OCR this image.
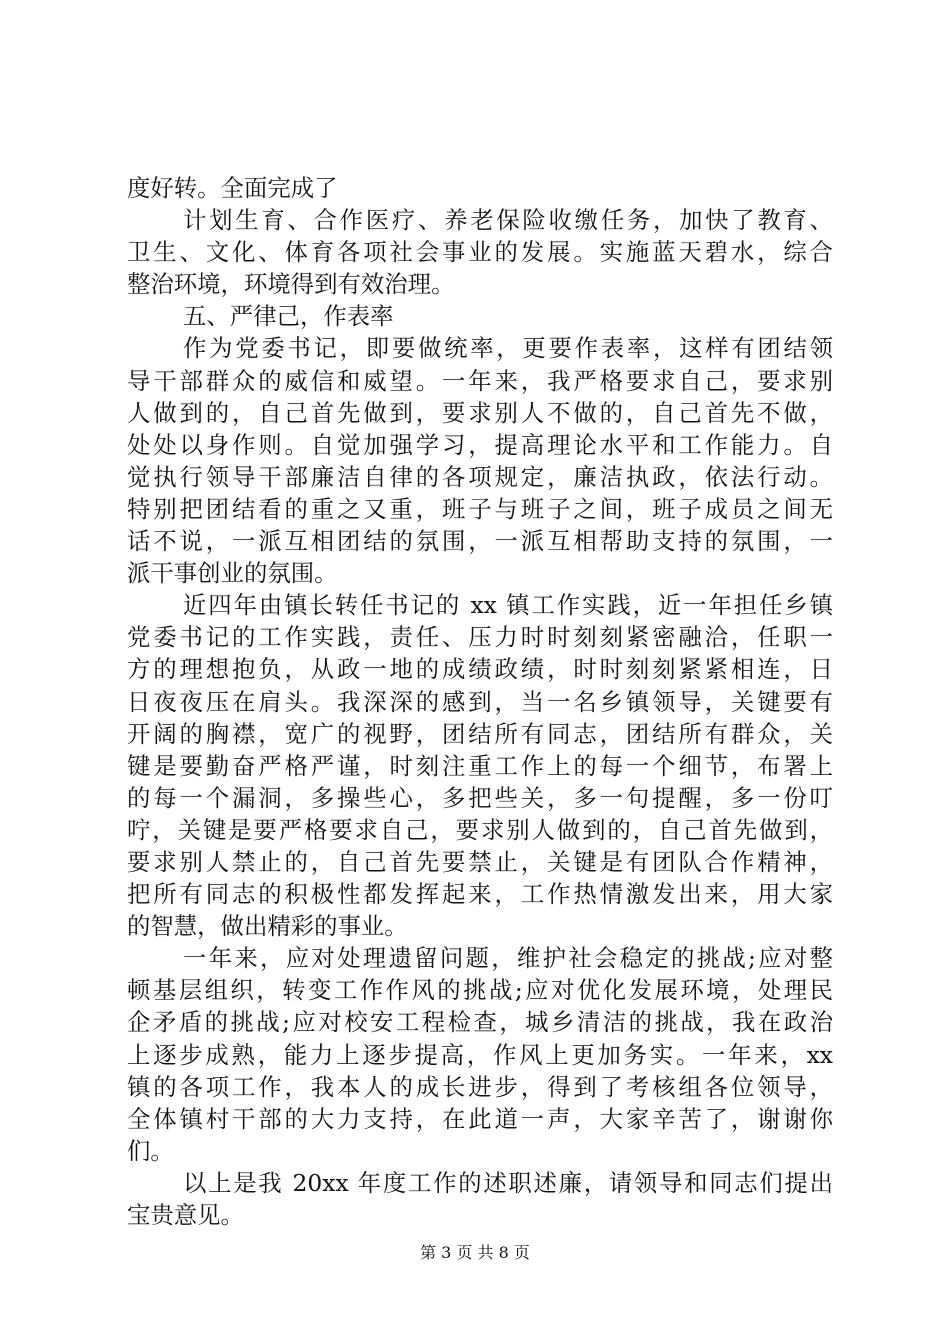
度好转。全面完成了
计划生育、合作医疗、养老保险收缴任务，加快了教育、
卫生、文化、体育各项社会事业的发展。实施蓝天碧水，综合
整治环境，环境得到有效治理。
五、严律己，作表率
作为党委书记，即要做统率，更要作表率，这样有团结领
导干部群众的威信和威望。一年来，我严格要求自己，要求别
人做到的，自己首先做到，要求别人不做的，自己首先不做，
处处以身作则。自觉加强学习，提高理论水平和工作能力。自
觉执行领导干部廉洁自律的各项规定，廉洁执政，依法行动。
特别把团结看的重之又重，班子与班子之间，班子成员之间无
话不说，一派互相团结的氛围，一派互相帮助支持的氛围，一
派干事创业的氛围。
近四年由镇长转任书记的 xx 镇工作实践，近一年担任乡镇
党委书记的工作实践，责任、压力时时刻刻紧密融洽，任职一
方的理想抱负，从政一地的成绩政绩，时时刻刻紧紧相连，日
日夜夜压在肩头。我深深的感到，当一名乡镇领导，关键要有
开阔的胸襟，宽广的视野，团结所有同志，团结所有群众，关
键是要勤奋严格严谨，时刻注重工作上的每一个细节，布署上
的每一个漏洞，多操些心，多把些关，多一句提醒，多一份叮
咛，关键是要严格要求自己，要求别人做到的，自己首先做到，
要求别人禁止的，自己首先要禁止，关键是有团队合作精神，
把所有同志的积极性都发挥起来，工作热情激发出来，用大家
的智慧，做出精彩的事业。
一年来，应对处理遗留问题，维护社会稳定的挑战;应对整
顿基层组织，转变工作作风的挑战;应对优化发展环境，处理民
企矛盾的挑战;应对校安工程检查，城乡清洁的挑战，我在政治
上逐步成熟，能力上逐步提高，作风上更加务实。一年来，xx
镇的各项工作，我本人的成长进步，得到了考核组各位领导，
全体镇村干部的大力支持，在此道一声，大家辛苦了，谢谢你
们。
以上是我 20xx 年度工作的述职述廉，请领导和同志们提出
宝贵意见。
第 3 页 共 8 页
